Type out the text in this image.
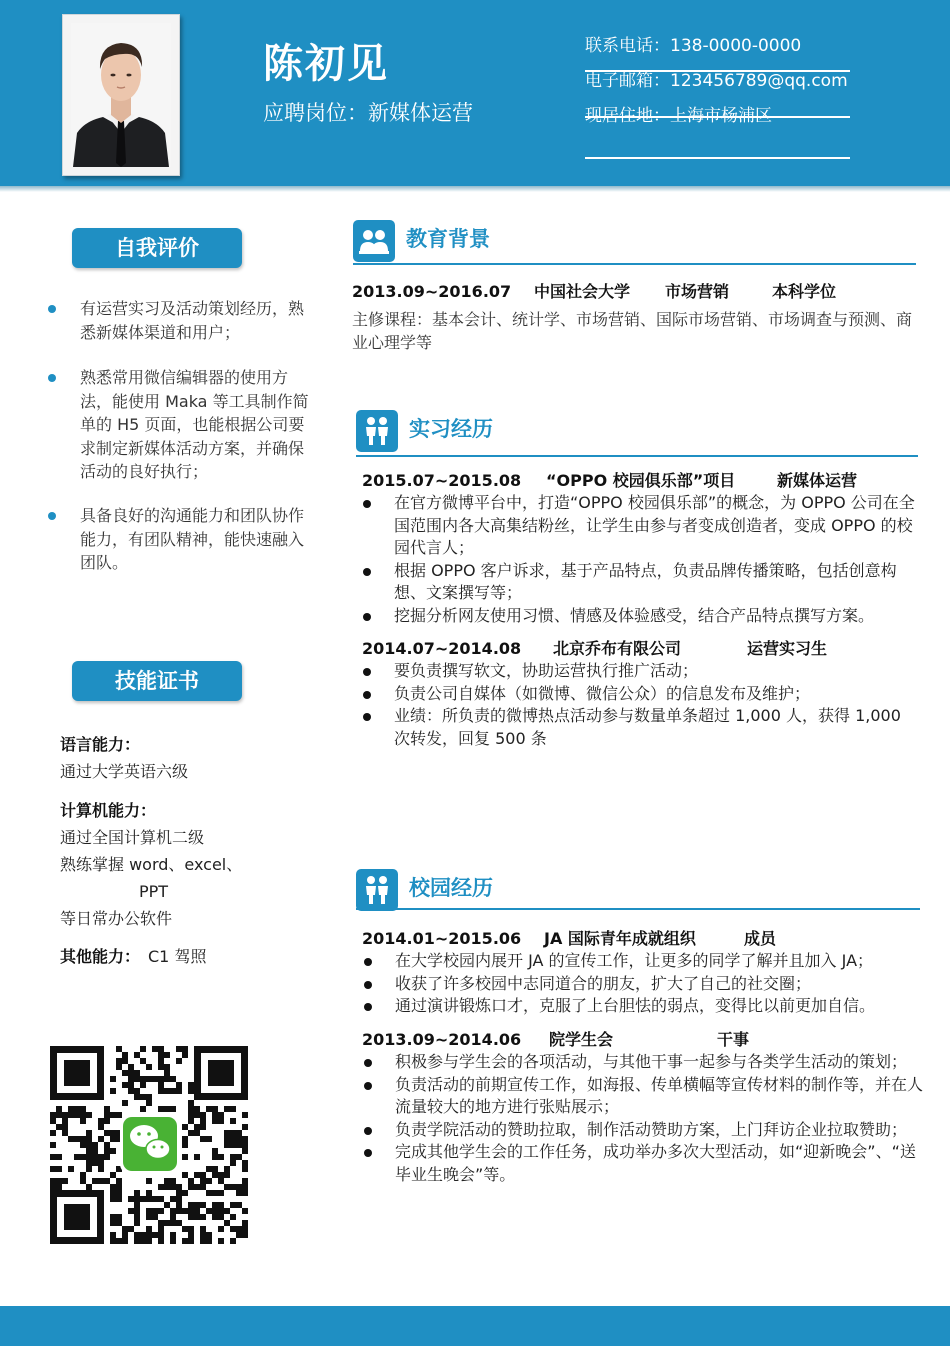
陈初见
应聘岗位：新媒体运营
联系电话：138-0000-0000
电子邮箱：123456789@qq.com
现居住地：上海市杨浦区
自我评价
有运营实习及活动策划经历，熟悉新媒体渠道和用户；
熟悉常用微信编辑器的使用方法，能使用 Maka 等工具制作简单的 H5 页面，也能根据公司要求制定新媒体活动方案，并确保活动的良好执行；
具备良好的沟通能力和团队协作能力，有团队精神，能快速融入团队。
技能证书
语言能力：
通过大学英语六级
计算机能力：
通过全国计算机二级
熟练掌握 word、excel、
PPT
等日常办公软件
其他能力： C1 驾照
教育背景
2013.09~2016.07 中国社会大学 市场营销	本科学位
主修课程：基本会计、统计学、市场营销、国际市场营销、市场调查与预测、商业心理学等
实习经历
2015.07~2015.08 “OPPO 校园俱乐部”项目	新媒体运营
在官方微博平台中，打造“OPPO 校园俱乐部”的概念，为 OPPO 公司在全国范围内各大高集结粉丝，让学生由参与者变成创造者，变成 OPPO 的校园代言人；
根据 OPPO 客户诉求，基于产品特点，负责品牌传播策略，包括创意构想、文案撰写等；
挖掘分析网友使用习惯、情感及体验感受，结合产品特点撰写方案。
2014.07~2014.08 北京乔布有限公司	运营实习生
要负责撰写软文，协助运营执行推广活动；
负责公司自媒体（如微博、微信公众）的信息发布及维护；
业绩：所负责的微博热点活动参与数量单条超过 1,000 人，获得 1,000 次转发，回复 500 条
校园经历
2014.01~2015.06 JA 国际青年成就组织	成员
在大学校园内展开 JA 的宣传工作，让更多的同学了解并且加入 JA；
收获了许多校园中志同道合的朋友，扩大了自己的社交圈；
通过演讲锻炼口才，克服了上台胆怯的弱点，变得比以前更加自信。
2013.09~2014.06 院学生会	干事
积极参与学生会的各项活动，与其他干事一起参与各类学生活动的策划；
负责活动的前期宣传工作，如海报、传单横幅等宣传材料的制作等，并在人流量较大的地方进行张贴展示；
负责学院活动的赞助拉取，制作活动赞助方案，上门拜访企业拉取赞助；
完成其他学生会的工作任务，成功举办多次大型活动，如“迎新晚会”、“送毕业生晚会”等。
